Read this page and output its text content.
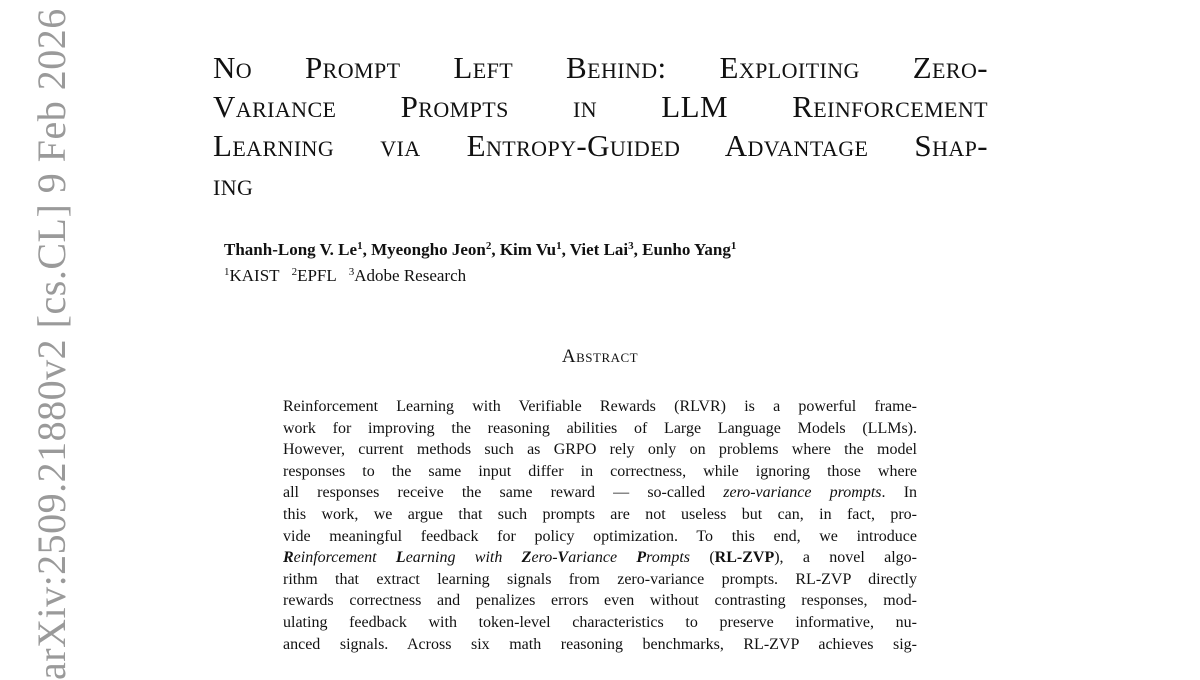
No Prompt Left Behind: Exploiting Zero-
Variance Prompts in LLM Reinforcement
Learning via Entropy-Guided Advantage Shap-
ing
Thanh-Long V. Le$^1$, Myeongho Jeon$^2$, Kim Vu$^1$, Viet Lai$^3$, Eunho Yang$^1$
$^1$KAIST $^2$EPFL $^3$Adobe Research
Abstract
Reinforcement Learning with Verifiable Rewards (RLVR) is a powerful frame-
work for improving the reasoning abilities of Large Language Models (LLMs).
However, current methods such as GRPO rely only on problems where the model
responses to the same input differ in correctness, while ignoring those where
all responses receive the same reward — so-called zero-variance prompts. In
this work, we argue that such prompts are not useless but can, in fact, pro-
vide meaningful feedback for policy optimization. To this end, we introduce
Reinforcement Learning with Zero-Variance Prompts (RL-ZVP), a novel algo-
rithm that extract learning signals from zero-variance prompts. RL-ZVP directly
rewards correctness and penalizes errors even without contrasting responses, mod-
ulating feedback with token-level characteristics to preserve informative, nu-
anced signals. Across six math reasoning benchmarks, RL-ZVP achieves sig-
arXiv:2509.21880v2 [cs.CL] 9 Feb 2026
